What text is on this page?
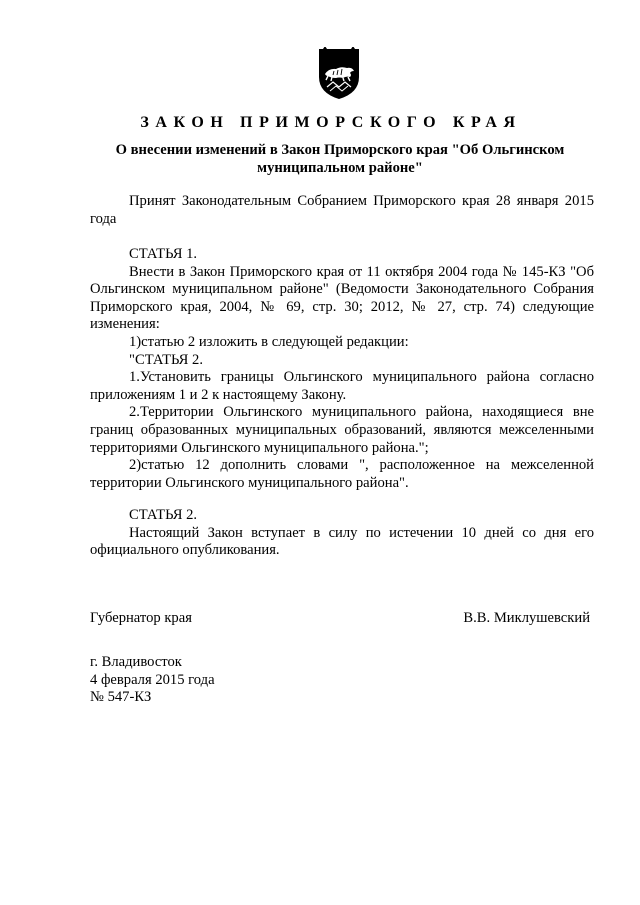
ЗАКОН ПРИМОРСКОГО КРАЯ
О внесении изменений в Закон Приморского края "Об Ольгинском
муниципальном районе"

Принят Законодательным Собранием Приморского края 28 января 2015 года

СТАТЬЯ 1.

Внести в Закон Приморского края от 11 октября 2004 года № 145-КЗ "Об Ольгинском муниципальном районе" (Ведомости Законодательного Собрания Приморского края, 2004, № 69, стр. 30; 2012, № 27, стр. 74) следующие изменения:

1)статью 2 изложить в следующей редакции:

"СТАТЬЯ 2.

1.Установить границы Ольгинского муниципального района согласно приложениям 1 и 2 к настоящему Закону.

2.Территории Ольгинского муниципального района, находящиеся вне границ образованных муниципальных образований, являются межселенными территориями Ольгинского муниципального района.";

2)статью 12 дополнить словами ", расположенное на межселенной территории Ольгинского муниципального района".

СТАТЬЯ 2.

Настоящий Закон вступает в силу по истечении 10 дней со дня его официального опубликования.

Губернатор края	В.В. Миклушевский
г. Владивосток
4 февраля 2015 года
№ 547-КЗ
